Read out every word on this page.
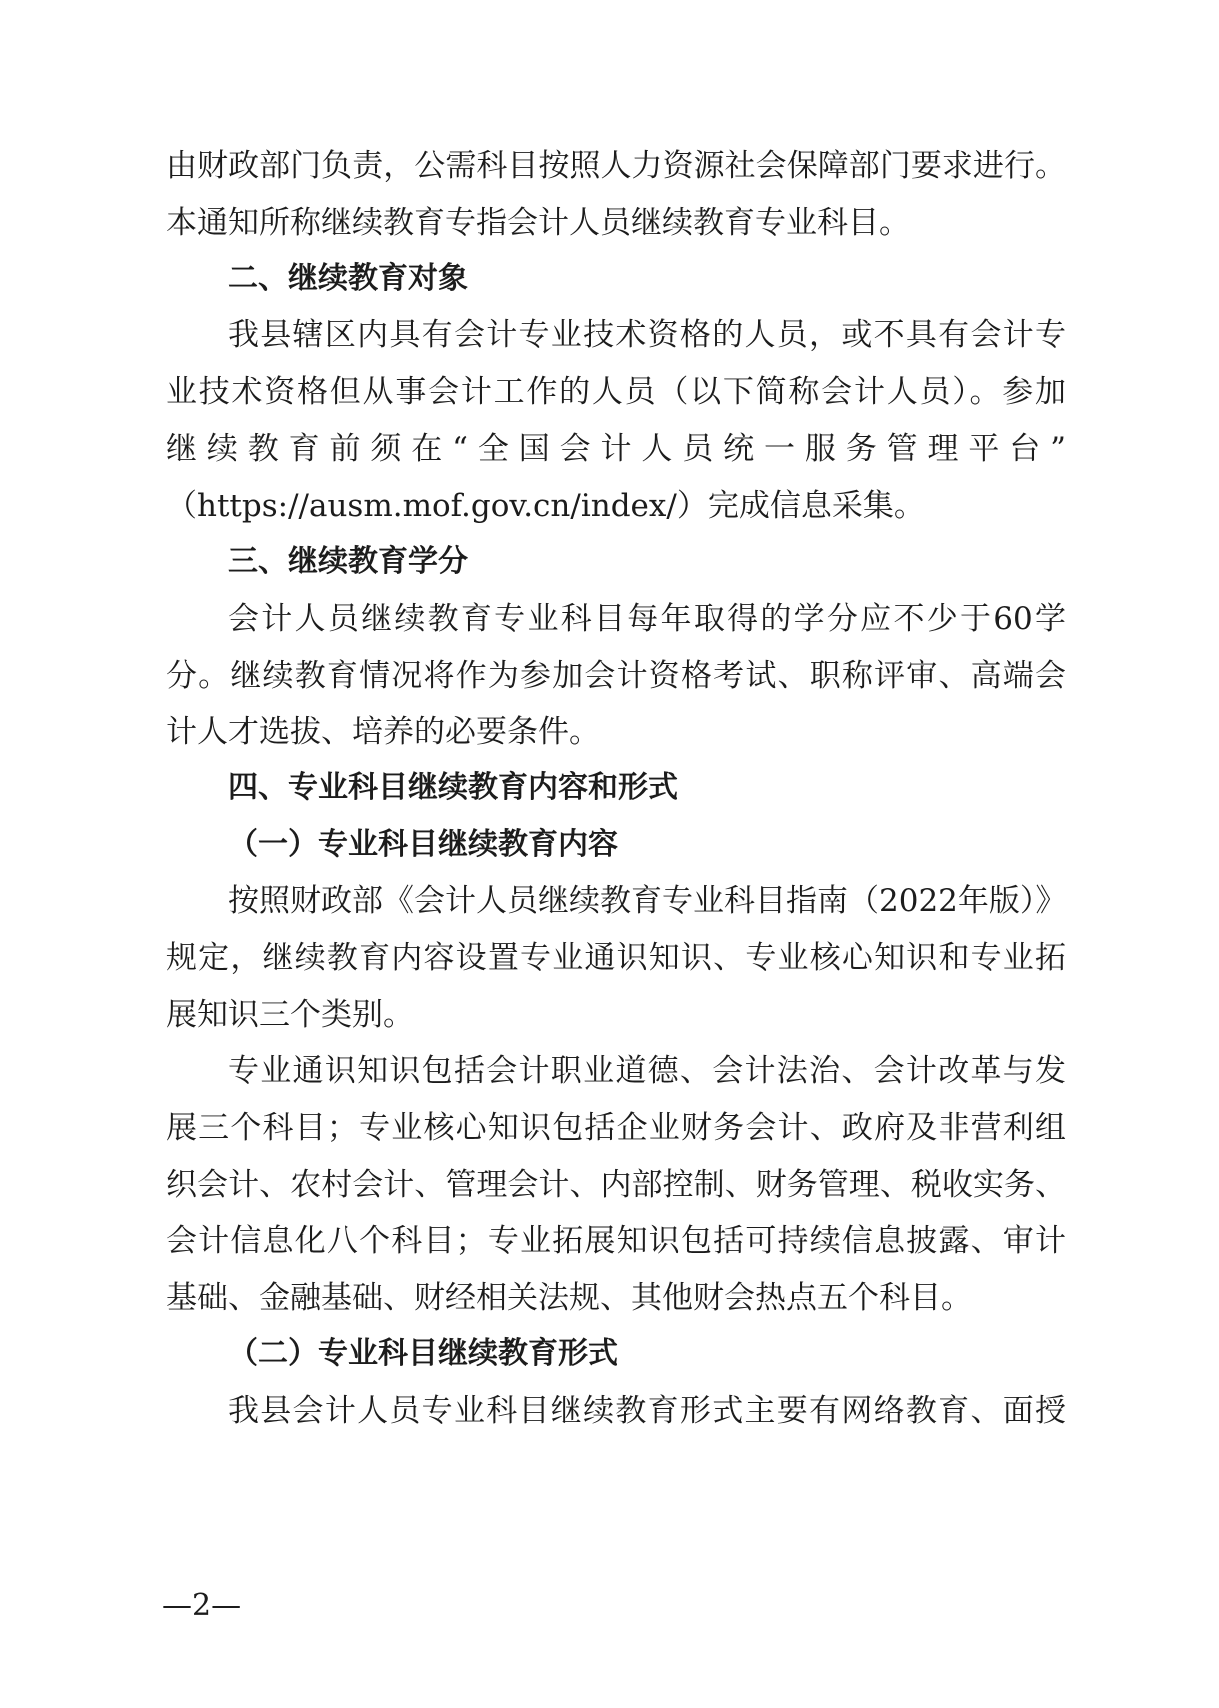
由财政部门负责，公需科目按照人力资源社会保障部门要求进行。
本通知所称继续教育专指会计人员继续教育专业科目。
二、继续教育对象
我县辖区内具有会计专业技术资格的人员，或不具有会计专
业技术资格但从事会计工作的人员（以下简称会计人员）。参加
继续教育前须在“全国会计人员统一服务管理平台”
（https://ausm.mof.gov.cn/index/）完成信息采集。
三、继续教育学分
会计人员继续教育专业科目每年取得的学分应不少于60学
分。继续教育情况将作为参加会计资格考试、职称评审、高端会
计人才选拔、培养的必要条件。
四、专业科目继续教育内容和形式
（一）专业科目继续教育内容
按照财政部《会计人员继续教育专业科目指南（2022年版）》
规定，继续教育内容设置专业通识知识、专业核心知识和专业拓
展知识三个类别。
专业通识知识包括会计职业道德、会计法治、会计改革与发
展三个科目；专业核心知识包括企业财务会计、政府及非营利组
织会计、农村会计、管理会计、内部控制、财务管理、税收实务、
会计信息化八个科目；专业拓展知识包括可持续信息披露、审计
基础、金融基础、财经相关法规、其他财会热点五个科目。
（二）专业科目继续教育形式
我县会计人员专业科目继续教育形式主要有网络教育、面授
—2—
